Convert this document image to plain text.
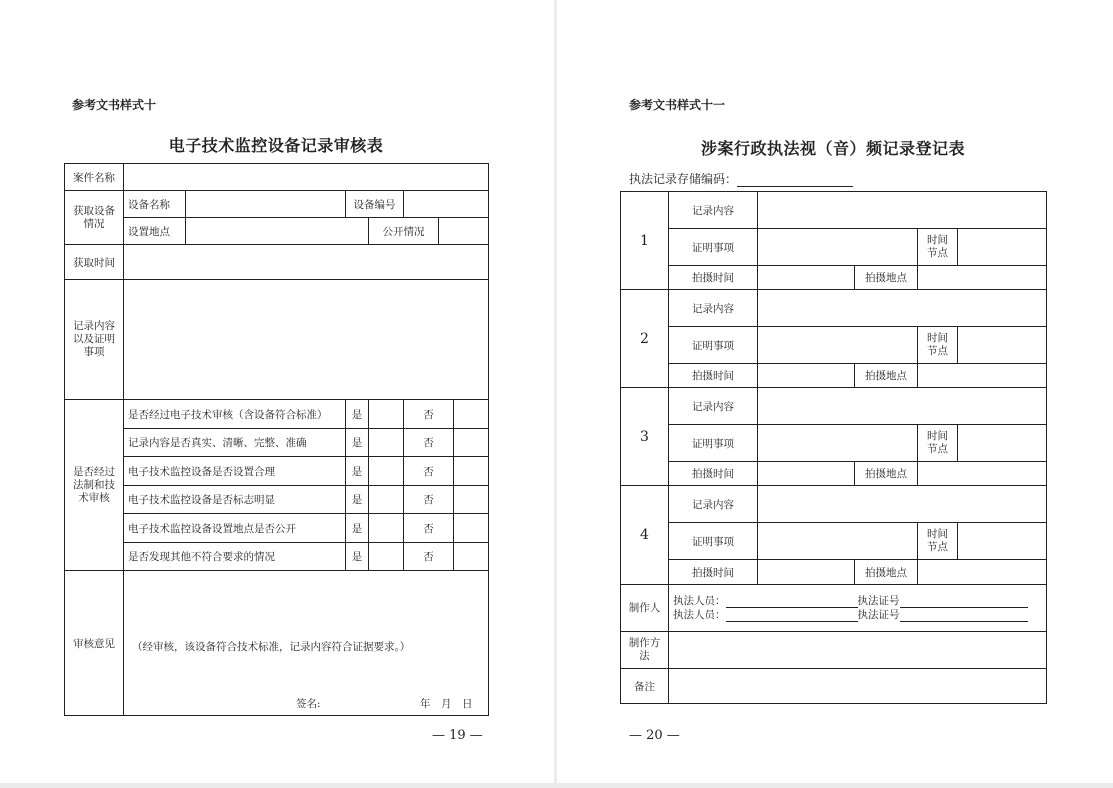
参考文书样式十
电子技术监控设备记录审核表
案件名称							
获取设备情况	设备名称		设备编号				
	设置地点			公开情况			
获取时间							
记录内容以及证明事项							
是否经过法制和技术审核	是否经过电子技术审核（含设备符合标准）		是		否		
	记录内容是否真实、清晰、完整、准确		是		否		
	电子技术监控设备是否设置合理		是		否		
	电子技术监控设备是否标志明显		是		否		
	电子技术监控设备设置地点是否公开		是		否		
	是否发现其他不符合要求的情况		是		否		
审核意见	（经审核，该设备符合技术标准，记录内容符合证据要求。）
签名: 年　月　日						
— 19 —
参考文书样式十一
涉案行政执法视（音）频记录登记表
执法记录存储编码：
1	记录内容				
	证明事项			时间节点	
	拍摄时间		拍摄地点		
2	记录内容				
	证明事项			时间节点	
	拍摄时间		拍摄地点		
3	记录内容				
	证明事项			时间节点	
	拍摄时间		拍摄地点		
4	记录内容				
	证明事项			时间节点	
	拍摄时间		拍摄地点		
制作人	执法人员： 执法证号
执法人员： 执法证号				

制作方法					
备注					
— 20 —
